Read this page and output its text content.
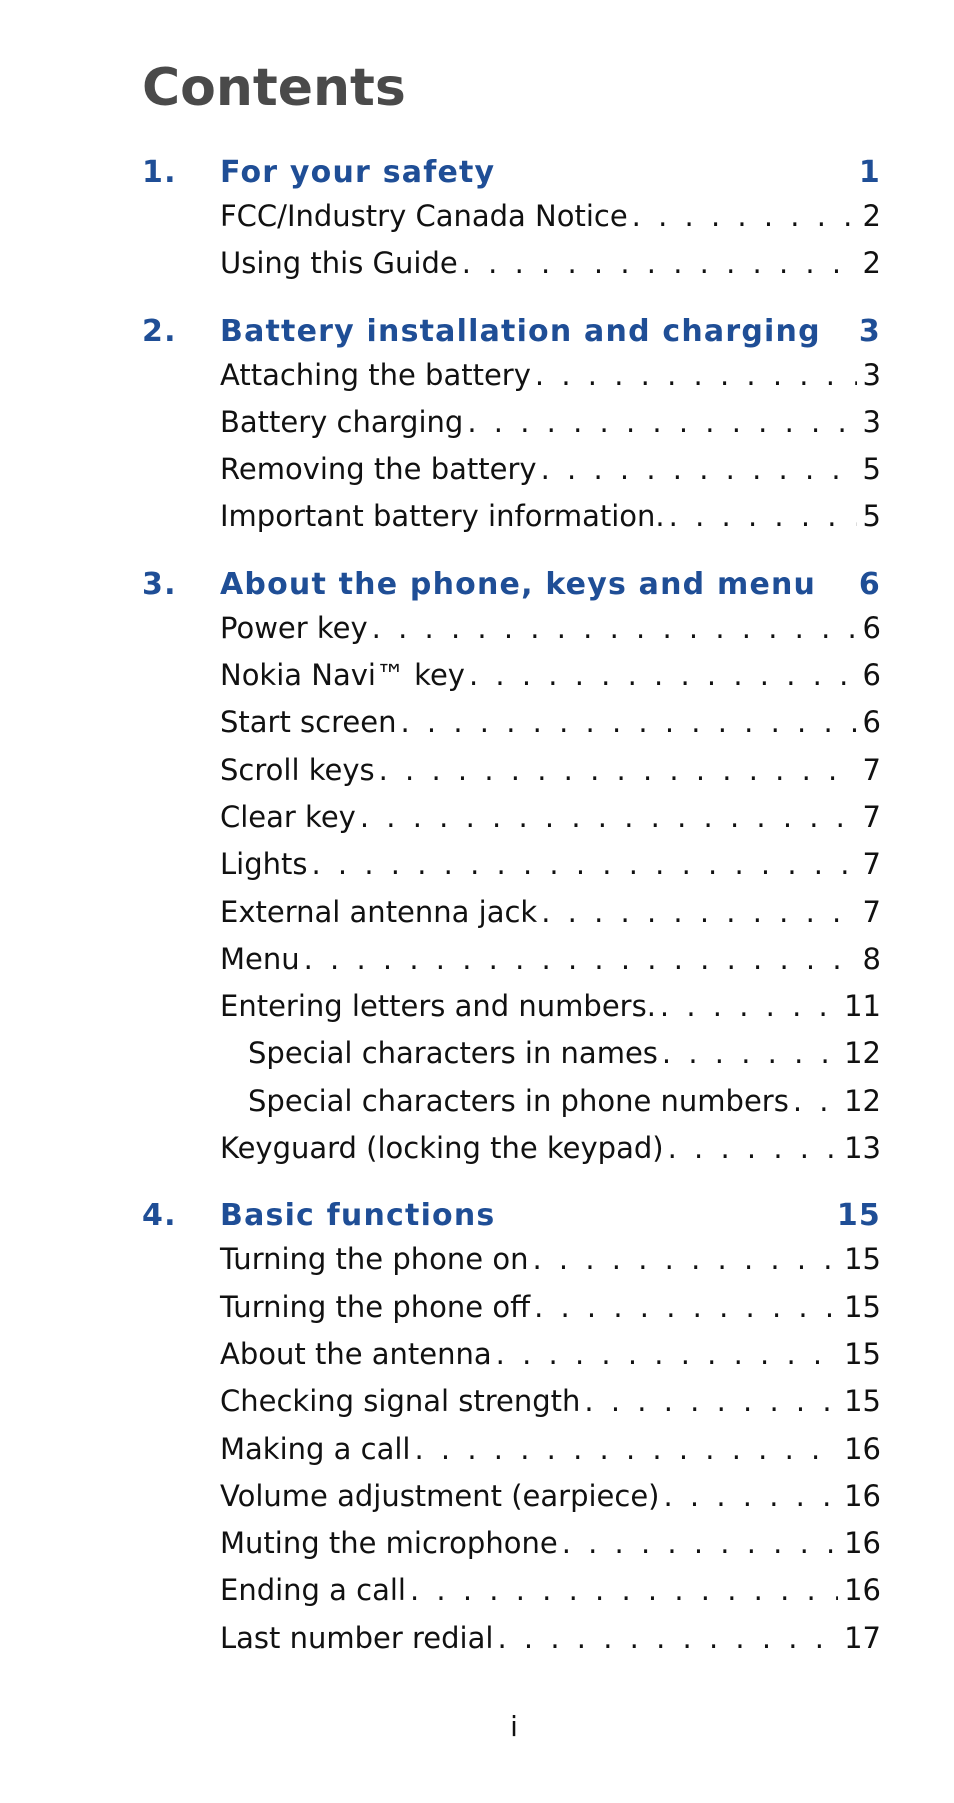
Contents
1.	For your safety	1
FCC/Industry Canada Notice . . .	2
Using this Guide . . .	2
2.	Battery installation and charging	3
Attaching the battery . . .	3
Battery charging . . .	3
Removing the battery . . .	5
Important battery information. . . .	5
3.	About the phone, keys and menu	6
Power key . . .	6
Nokia Navi™ key . . .	6
Start screen . . .	6
Scroll keys . . .	7
Clear key . . .	7
Lights . . .	7
External antenna jack . . .	7
Menu . . .	8
Entering letters and numbers. . . .	11
Special characters in names . . .	12
Special characters in phone numbers . . . 12
Keyguard (locking the keypad) . . .	13
4.	Basic functions	15
Turning the phone on . . .	15
Turning the phone off . . .	15
About the antenna . . .	15
Checking signal strength . . .	15
Making a call . . .	16
Volume adjustment (earpiece) . . .	16
Muting the microphone . . .	16
Ending a call . . .	16
Last number redial . . .	17
i
